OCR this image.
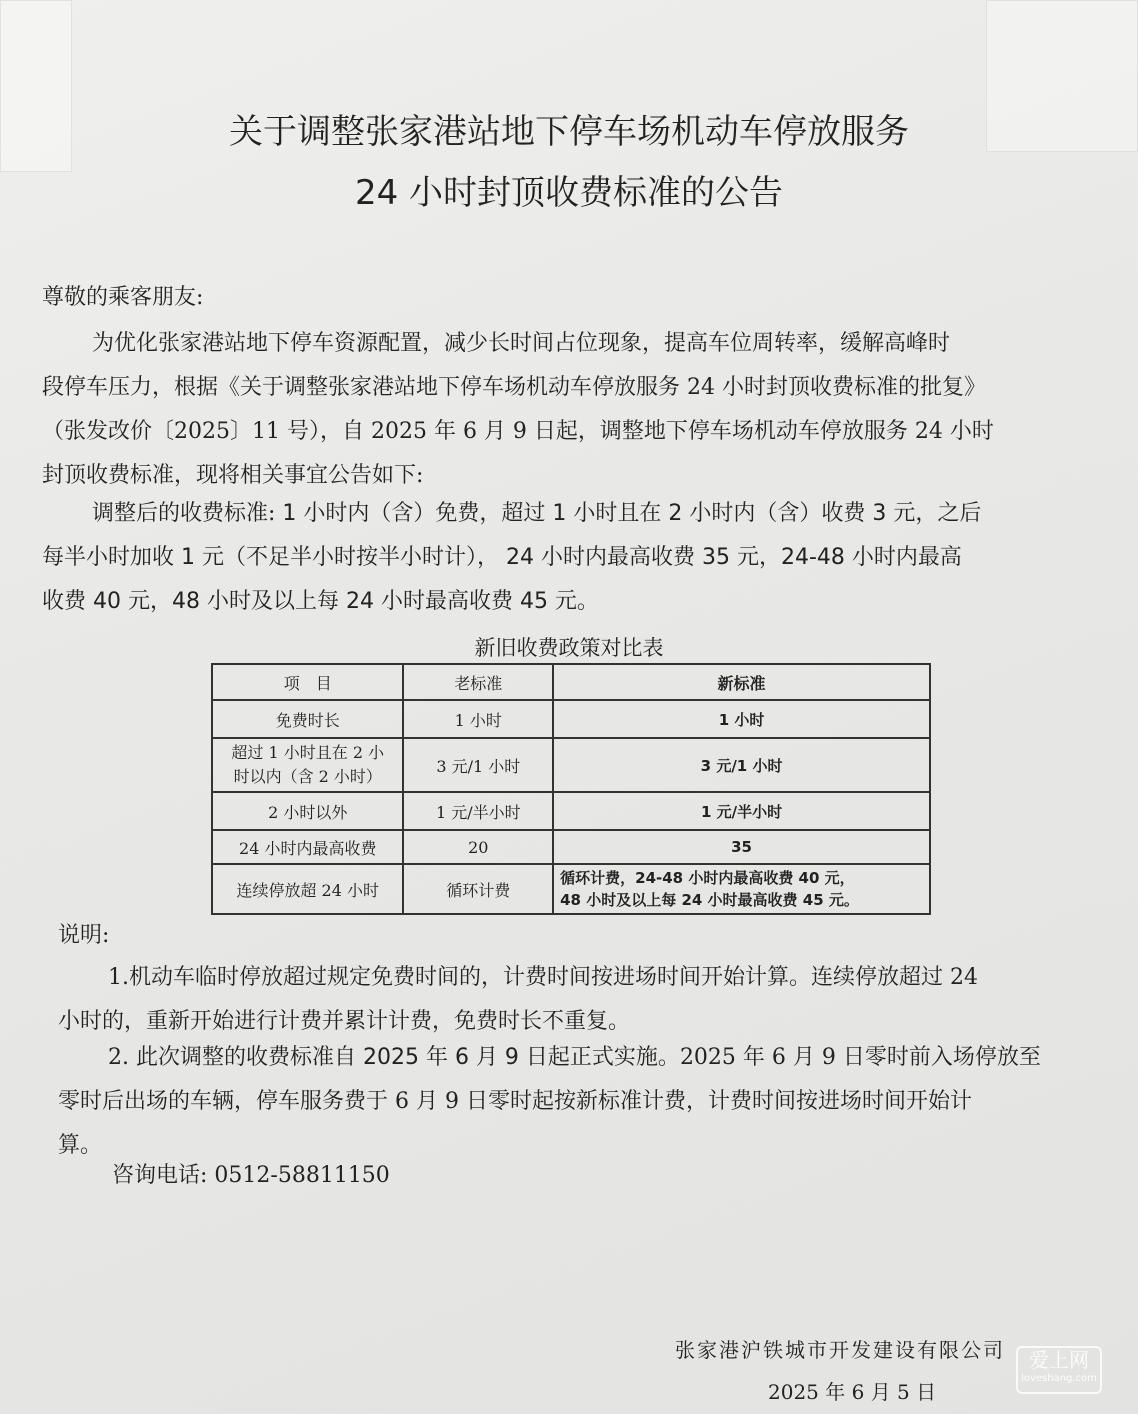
关于调整张家港站地下停车场机动车停放服务
24 小时封顶收费标准的公告

尊敬的乘客朋友:

为优化张家港站地下停车资源配置，减少长时间占位现象，提高车位周转率，缓解高峰时
段停车压力，根据《关于调整张家港站地下停车场机动车停放服务 24 小时封顶收费标准的批复》
（张发改价〔2025〕11 号），自 2025 年 6 月 9 日起，调整地下停车场机动车停放服务 24 小时
封顶收费标准，现将相关事宜公告如下:

调整后的收费标准: 1 小时内（含）免费，超过 1 小时且在 2 小时内（含）收费 3 元，之后
每半小时加收 1 元（不足半小时按半小时计）， 24 小时内最高收费 35 元，24-48 小时内最高
收费 40 元，48 小时及以上每 24 小时最高收费 45 元。

新旧收费政策对比表
项　目	老标准	新标准
免费时长	1 小时	1 小时
超过 1 小时且在 2 小
时以内（含 2 小时）	3 元/1 小时	3 元/1 小时
2 小时以外	1 元/半小时	1 元/半小时
24 小时内最高收费	20	35
连续停放超 24 小时	循环计费	循环计费，24-48 小时内最高收费 40 元，
48 小时及以上每 24 小时最高收费 45 元。

说明:

1.机动车临时停放超过规定免费时间的，计费时间按进场时间开始计算。连续停放超过 24
小时的，重新开始进行计费并累计计费，免费时长不重复。

2. 此次调整的收费标准自 2025 年 6 月 9 日起正式实施。2025 年 6 月 9 日零时前入场停放至
零时后出场的车辆，停车服务费于 6 月 9 日零时起按新标准计费，计费时间按进场时间开始计
算。

咨询电话: 0512-58811150

张家港沪铁城市开发建设有限公司
2025 年 6 月 5 日
爱上网
loveshang.com
